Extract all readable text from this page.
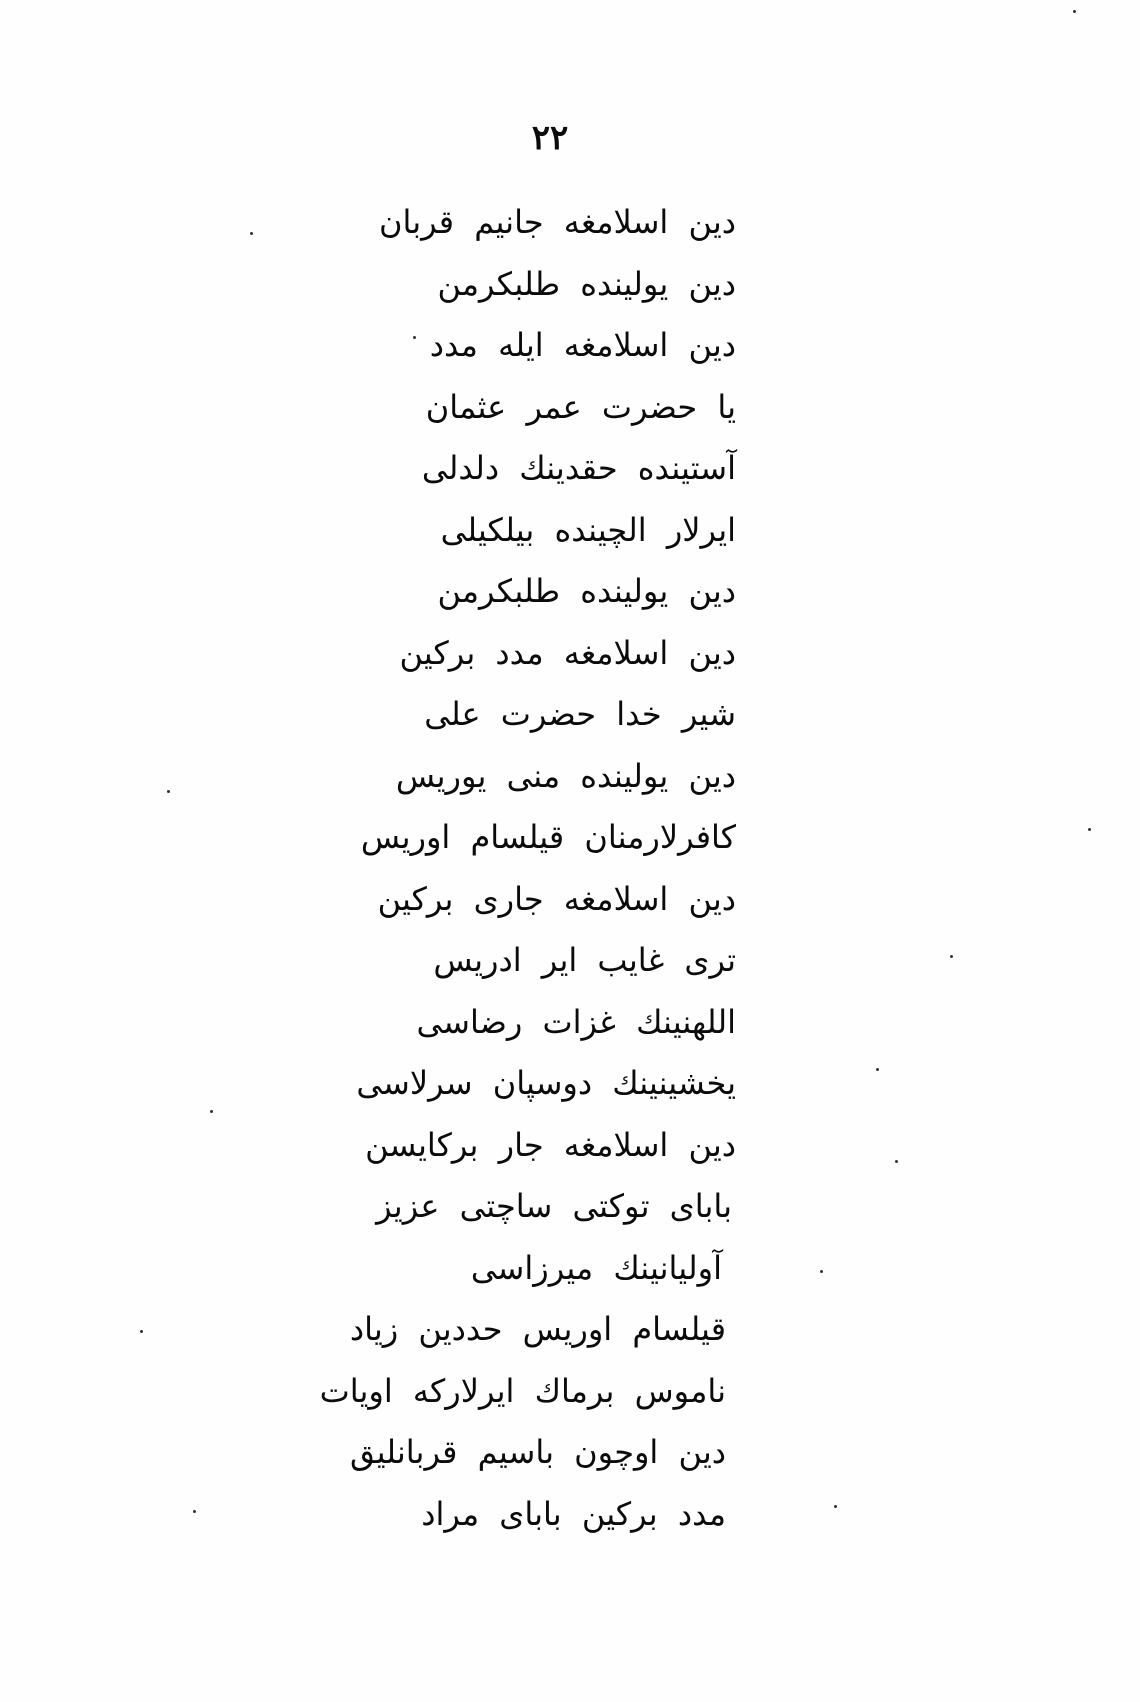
۲۲
دین اسلامغه جانیم قربان
دین یولینده طلبکرمن
دین اسلامغه ایله مدد
یا حضرت عمر عثمان
آستینده حقدینك دلدلی
ایرلار الچینده بیلکیلی
دین یولینده طلبکرمن
دین اسلامغه مدد برکین
شیر خدا حضرت علی
دین یولینده منی یوریس
کافرلارمنان قیلسام اوریس
دین اسلامغه جاری برکین
تری غایب ایر ادریس
اللهنینك غزات رضاسی
یخشینینك دوسپان سرلاسی
دین اسلامغه جار برکایسن
بابای توکتی ساچتی عزیز
آولیانینك میرزاسی
قیلسام اوریس حددین زیاد
ناموس برماك ایرلارکه اویات
دین اوچون باسیم قربانلیق
مدد برکین بابای مراد
